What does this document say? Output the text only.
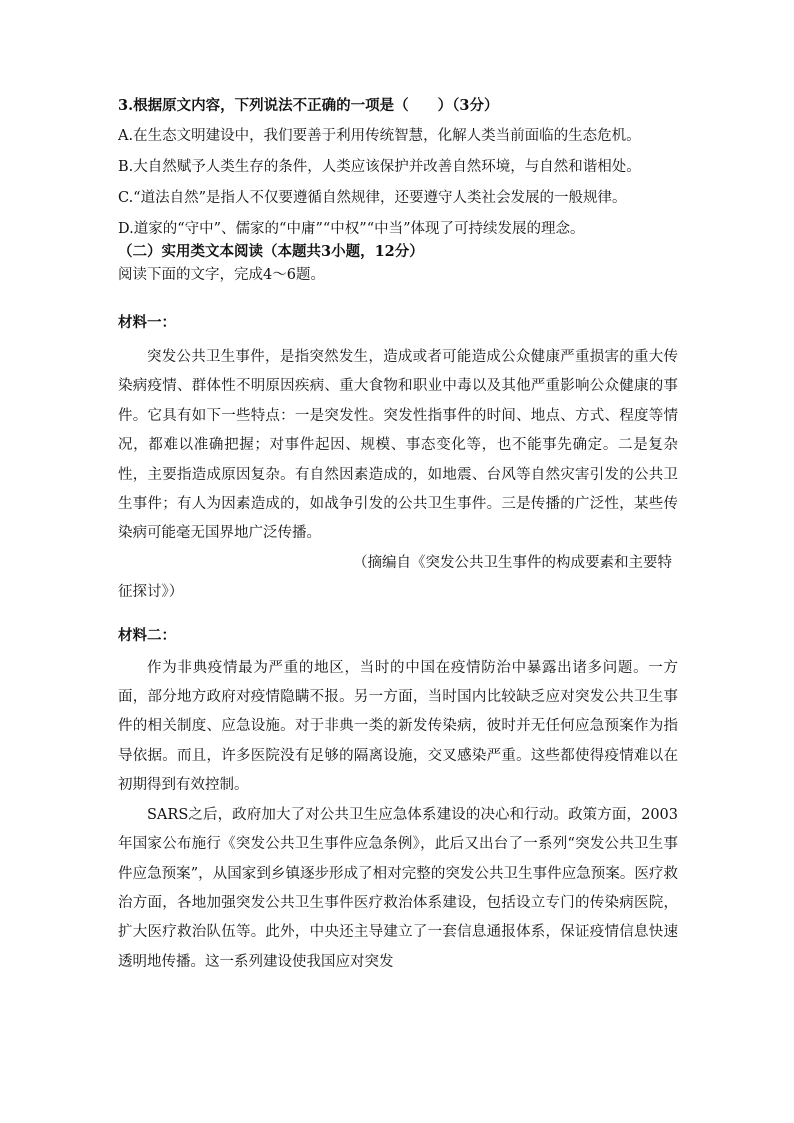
3.根据原文内容，下列说法不正确的一项是（　　）（3分）
A.在生态文明建设中，我们要善于利用传统智慧，化解人类当前面临的生态危机。
B.大自然赋予人类生存的条件，人类应该保护并改善自然环境，与自然和谐相处。
C.“道法自然”是指人不仅要遵循自然规律，还要遵守人类社会发展的一般规律。
D.道家的“守中”、儒家的“中庸”“中权”“中当”体现了可持续发展的理念。
（二）实用类文本阅读（本题共3小题，12分）
阅读下面的文字，完成4～6题。
材料一：
突发公共卫生事件，是指突然发生，造成或者可能造成公众健康严重损害的重大传染病疫情、群体性不明原因疾病、重大食物和职业中毒以及其他严重影响公众健康的事件。它具有如下一些特点：一是突发性。突发性指事件的时间、地点、方式、程度等情况，都难以准确把握；对事件起因、规模、事态变化等，也不能事先确定。二是复杂性，主要指造成原因复杂。有自然因素造成的，如地震、台风等自然灾害引发的公共卫生事件；有人为因素造成的，如战争引发的公共卫生事件。三是传播的广泛性，某些传染病可能毫无国界地广泛传播。
（摘编自《突发公共卫生事件的构成要素和主要特
征探讨》）
材料二：
作为非典疫情最为严重的地区，当时的中国在疫情防治中暴露出诸多问题。一方面，部分地方政府对疫情隐瞒不报。另一方面，当时国内比较缺乏应对突发公共卫生事件的相关制度、应急设施。对于非典一类的新发传染病，彼时并无任何应急预案作为指导依据。而且，许多医院没有足够的隔离设施，交叉感染严重。这些都使得疫情难以在初期得到有效控制。
SARS之后，政府加大了对公共卫生应急体系建设的决心和行动。政策方面，2003年国家公布施行《突发公共卫生事件应急条例》，此后又出台了一系列“突发公共卫生事件应急预案”，从国家到乡镇逐步形成了相对完整的突发公共卫生事件应急预案。医疗救治方面，各地加强突发公共卫生事件医疗救治体系建设，包括设立专门的传染病医院，扩大医疗救治队伍等。此外，中央还主导建立了一套信息通报体系，保证疫情信息快速透明地传播。这一系列建设使我国应对突发
